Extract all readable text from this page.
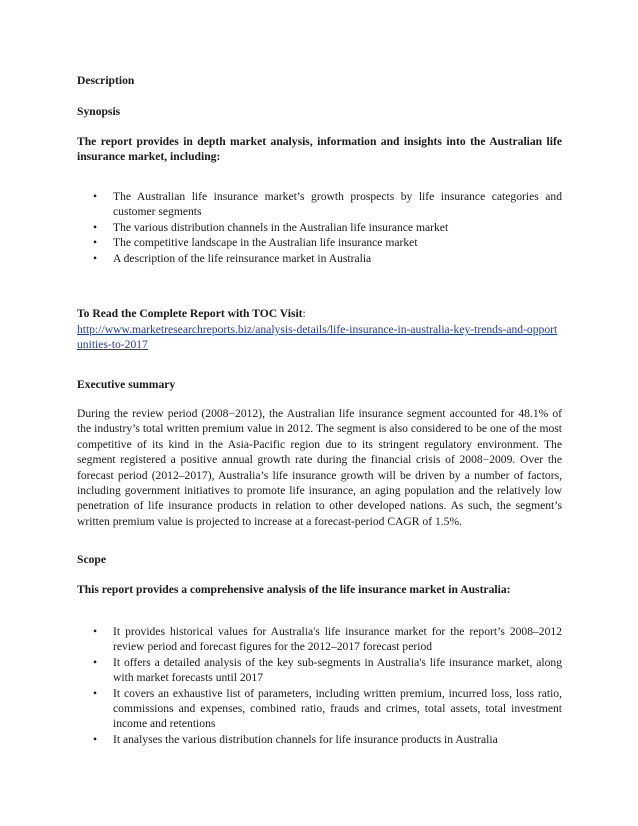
Description
Synopsis
The report provides in depth market analysis, information and insights into the Australian life insurance market, including:
• The Australian life insurance market’s growth prospects by life insurance categories and customer segments
• The various distribution channels in the Australian life insurance market
• The competitive landscape in the Australian life insurance market
• A description of the life reinsurance market in Australia
To Read the Complete Report with TOC Visit:
http://www.marketresearchreports.biz/analysis-details/life-insurance-in-australia-key-trends-and-opportunities-to-2017
Executive summary
During the review period (2008−2012), the Australian life insurance segment accounted for 48.1% of the industry’s total written premium value in 2012. The segment is also considered to be one of the most competitive of its kind in the Asia-Pacific region due to its stringent regulatory environment. The segment registered a positive annual growth rate during the financial crisis of 2008−2009. Over the forecast period (2012–2017), Australia’s life insurance growth will be driven by a number of factors, including government initiatives to promote life insurance, an aging population and the relatively low penetration of life insurance products in relation to other developed nations. As such, the segment’s written premium value is projected to increase at a forecast-period CAGR of 1.5%.
Scope
This report provides a comprehensive analysis of the life insurance market in Australia:
• It provides historical values for Australia's life insurance market for the report’s 2008–2012 review period and forecast figures for the 2012–2017 forecast period
• It offers a detailed analysis of the key sub-segments in Australia's life insurance market, along with market forecasts until 2017
• It covers an exhaustive list of parameters, including written premium, incurred loss, loss ratio, commissions and expenses, combined ratio, frauds and crimes, total assets, total investment income and retentions
• It analyses the various distribution channels for life insurance products in Australia
